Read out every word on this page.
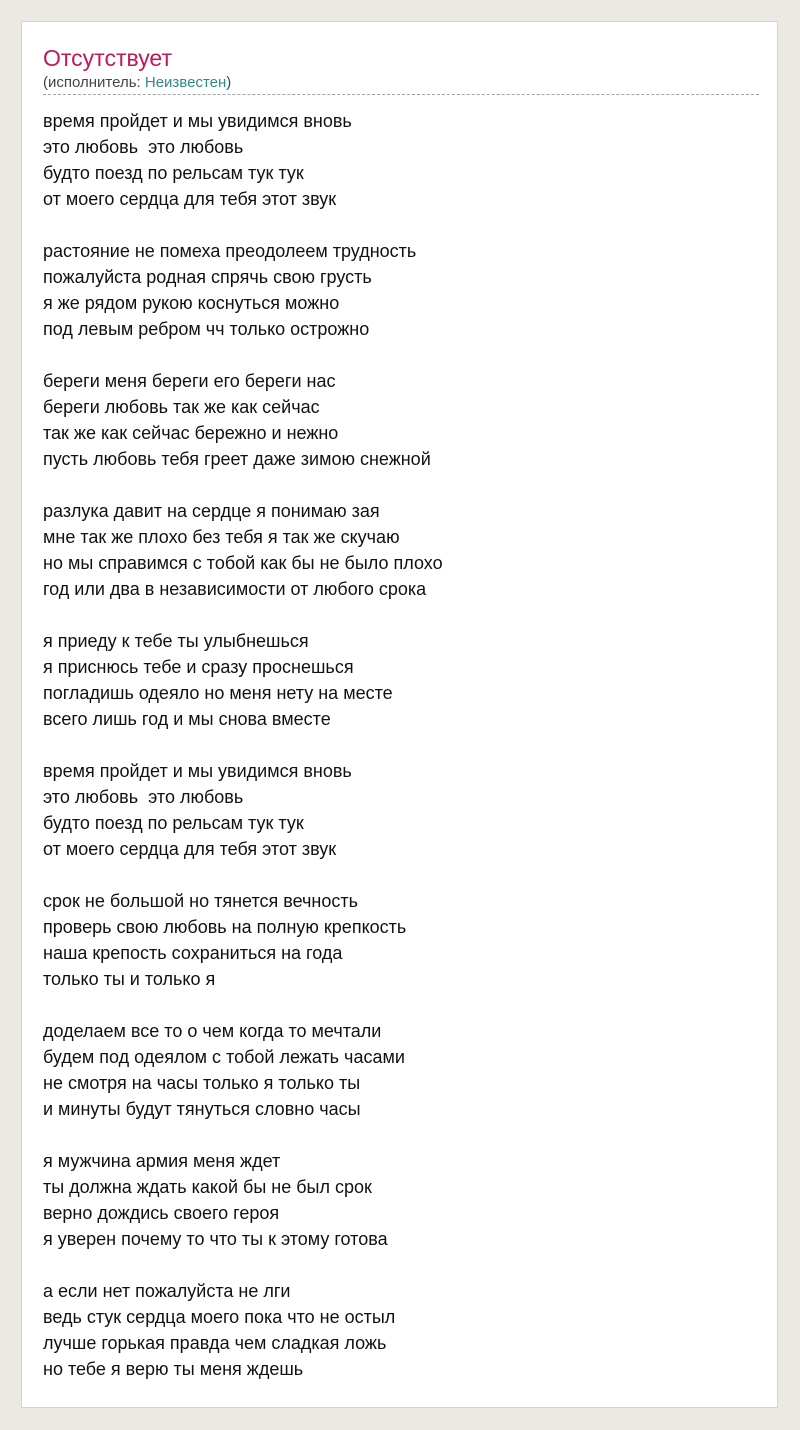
Отсутствует
(исполнитель: Неизвестен)
время пройдет и мы увидимся вновь
это любовь  это любовь
будто поезд по рельсам тук тук
от моего сердца для тебя этот звук
растояние не помеха преодолеем трудность
пожалуйста родная спрячь свою грусть
я же рядом рукою коснуться можно
под левым ребром чч только острожно
береги меня береги его береги нас
береги любовь так же как сейчас
так же как сейчас бережно и нежно
пусть любовь тебя греет даже зимою снежной
разлука давит на сердце я понимаю зая
мне так же плохо без тебя я так же скучаю
но мы справимся с тобой как бы не было плохо
год или два в независимости от любого срока
я приеду к тебе ты улыбнешься
я приснюсь тебе и сразу проснешься
погладишь одеяло но меня нету на месте
всего лишь год и мы снова вместе
время пройдет и мы увидимся вновь
это любовь  это любовь
будто поезд по рельсам тук тук
от моего сердца для тебя этот звук
срок не большой но тянется вечность
проверь свою любовь на полную крепкость
наша крепость сохраниться на года
только ты и только я
доделаем все то о чем когда то мечтали
будем под одеялом с тобой лежать часами
не смотря на часы только я только ты
и минуты будут тянуться словно часы
я мужчина армия меня ждет
ты должна ждать какой бы не был срок
верно дождись своего героя
я уверен почему то что ты к этому готова
а если нет пожалуйста не лги
ведь стук сердца моего пока что не остыл
лучше горькая правда чем сладкая ложь
но тебе я верю ты меня ждешь
